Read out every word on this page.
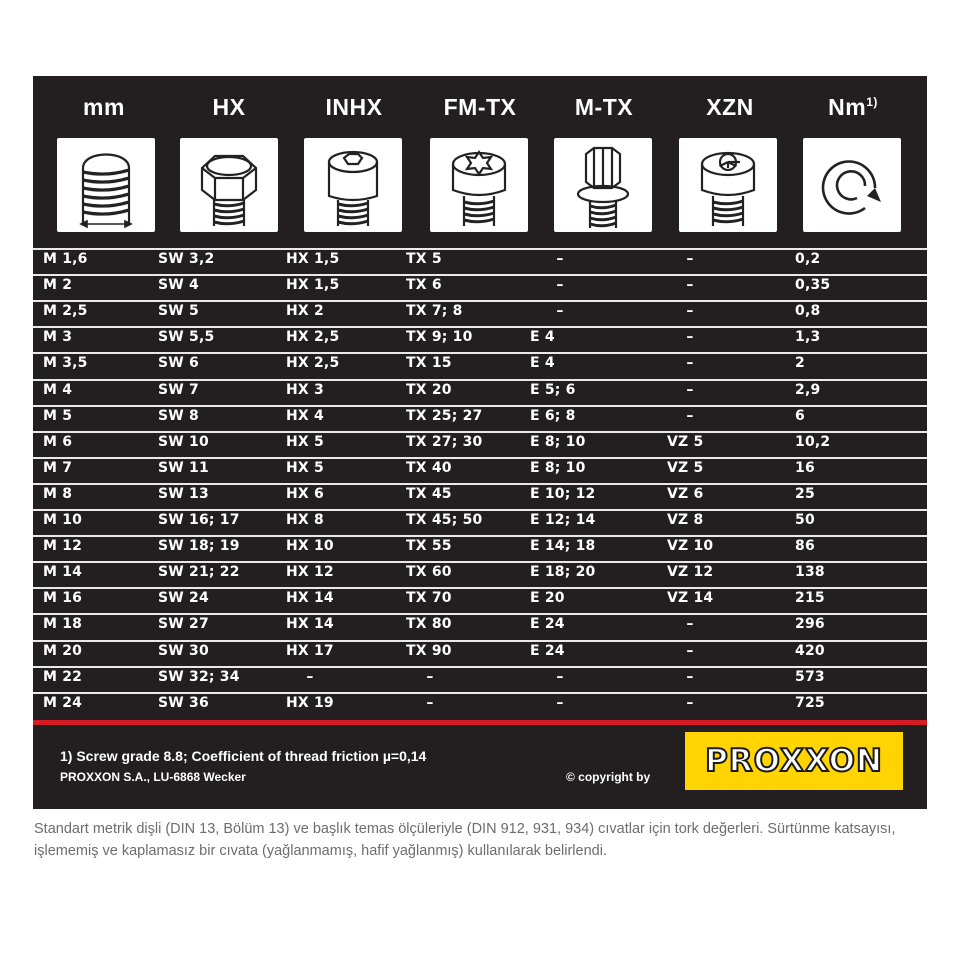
mm	HX	INHX	FM-TX	M-TX	XZN	Nm$^{1)}$
M 1,6	SW 3,2	HX 1,5	TX 5	–	–	0,2
M 2	SW 4	HX 1,5	TX 6	–	–	0,35
M 2,5	SW 5	HX 2	TX 7; 8	–	–	0,8
M 3	SW 5,5	HX 2,5	TX 9; 10	E 4	–	1,3
M 3,5	SW 6	HX 2,5	TX 15	E 4	–	2
M 4	SW 7	HX 3	TX 20	E 5; 6	–	2,9
M 5	SW 8	HX 4	TX 25; 27	E 6; 8	–	6
M 6	SW 10	HX 5	TX 27; 30	E 8; 10	VZ 5	10,2
M 7	SW 11	HX 5	TX 40	E 8; 10	VZ 5	16
M 8	SW 13	HX 6	TX 45	E 10; 12	VZ 6	25
M 10	SW 16; 17	HX 8	TX 45; 50	E 12; 14	VZ 8	50
M 12	SW 18; 19	HX 10	TX 55	E 14; 18	VZ 10	86
M 14	SW 21; 22	HX 12	TX 60	E 18; 20	VZ 12	138
M 16	SW 24	HX 14	TX 70	E 20	VZ 14	215
M 18	SW 27	HX 14	TX 80	E 24	–	296
M 20	SW 30	HX 17	TX 90	E 24	–	420
M 22	SW 32; 34	–	–	–	–	573
M 24	SW 36	HX 19	–	–	–	725
1) Screw grade 8.8; Coefficient of thread friction µ=0,14
PROXXON S.A., LU-6868 Wecker	© copyright by PROXXON
Standart metrik dişli (DIN 13, Bölüm 13) ve başlık temas ölçüleriyle (DIN 912, 931, 934) cıvatlar için tork değerleri. Sürtünme katsayısı, işlememiş ve kaplamasız bir cıvata (yağlanmamış, hafif yağlanmış) kullanılarak belirlendi.
